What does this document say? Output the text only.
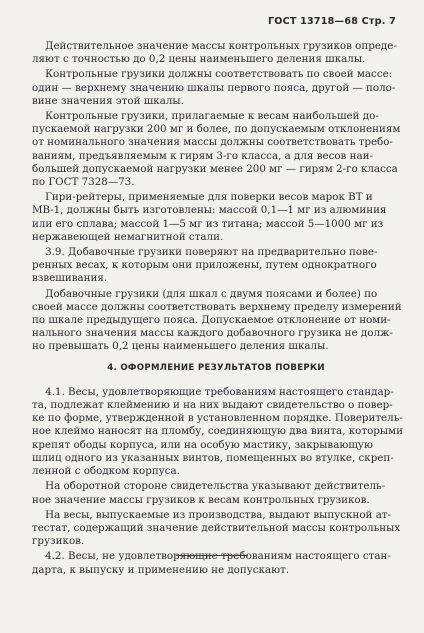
ГОСТ 13718—68 Стр. 7
Действительное значение массы контрольных грузиков опреде-
ляют с точностью до 0,2 цены наименьшего деления шкалы.
Контрольные грузики должны соответствовать по своей массе:
один — верхнему значению шкалы первого пояса, другой — поло-
вине значения этой шкалы.
Контрольные грузики, прилагаемые к весам наибольшей до-
пускаемой нагрузки 200 мг и более, по допускаемым отклонениям
от номинального значения массы должны соответствовать требо-
ваниям, предъявляемым к гирям 3-го класса, а для весов наи-
большей допускаемой нагрузки менее 200 мг — гирям 2-го класса
по ГОСТ 7328—73.
Гири-рейтеры, применяемые для поверки весов марок ВТ и
МВ-1, должны быть изготовлены: массой 0,1—1 мг из алюминия
или его сплава; массой 1—5 мг из титана; массой 5—1000 мг из
нержавеющей немагнитной стали.
3.9. Добавочные грузики поверяют на предварительно пове-
ренных весах, к которым они приложены, путем однократного
взвешивания.
Добавочные грузики (для шкал с двумя поясами и более) по
своей массе должны соответствовать верхнему пределу измерений
по шкале предыдущего пояса. Допускаемое отклонение от номи-
нального значения массы каждого добавочного грузика не долж-
но превышать 0,2 цены наименьшего деления шкалы.
4. ОФОРМЛЕНИЕ РЕЗУЛЬТАТОВ ПОВЕРКИ
4.1. Весы, удовлетворяющие требованиям настоящего стандар-
та, подлежат клеймению и на них выдают свидетельство о повер-
ке по форме, утвержденной в установленном порядке. Поверитель-
ное клеймо наносят на пломбу, соединяющую два винта, которыми
крепят ободы корпуса, или на особую мастику, закрывающую
шлиц одного из указанных винтов, помещенных во втулке, скреп-
ленной с ободком корпуса.
На оборотной стороне свидетельства указывают действитель-
ное значение массы грузиков к весам контрольных грузиков.
На весы, выпускаемые из производства, выдают выпускной ат-
тестат, содержащий значение действительной массы контрольных
грузиков.
4.2. Весы, не удовлетворяющие требованиям настоящего стан-
дарта, к выпуску и применению не допускают.
